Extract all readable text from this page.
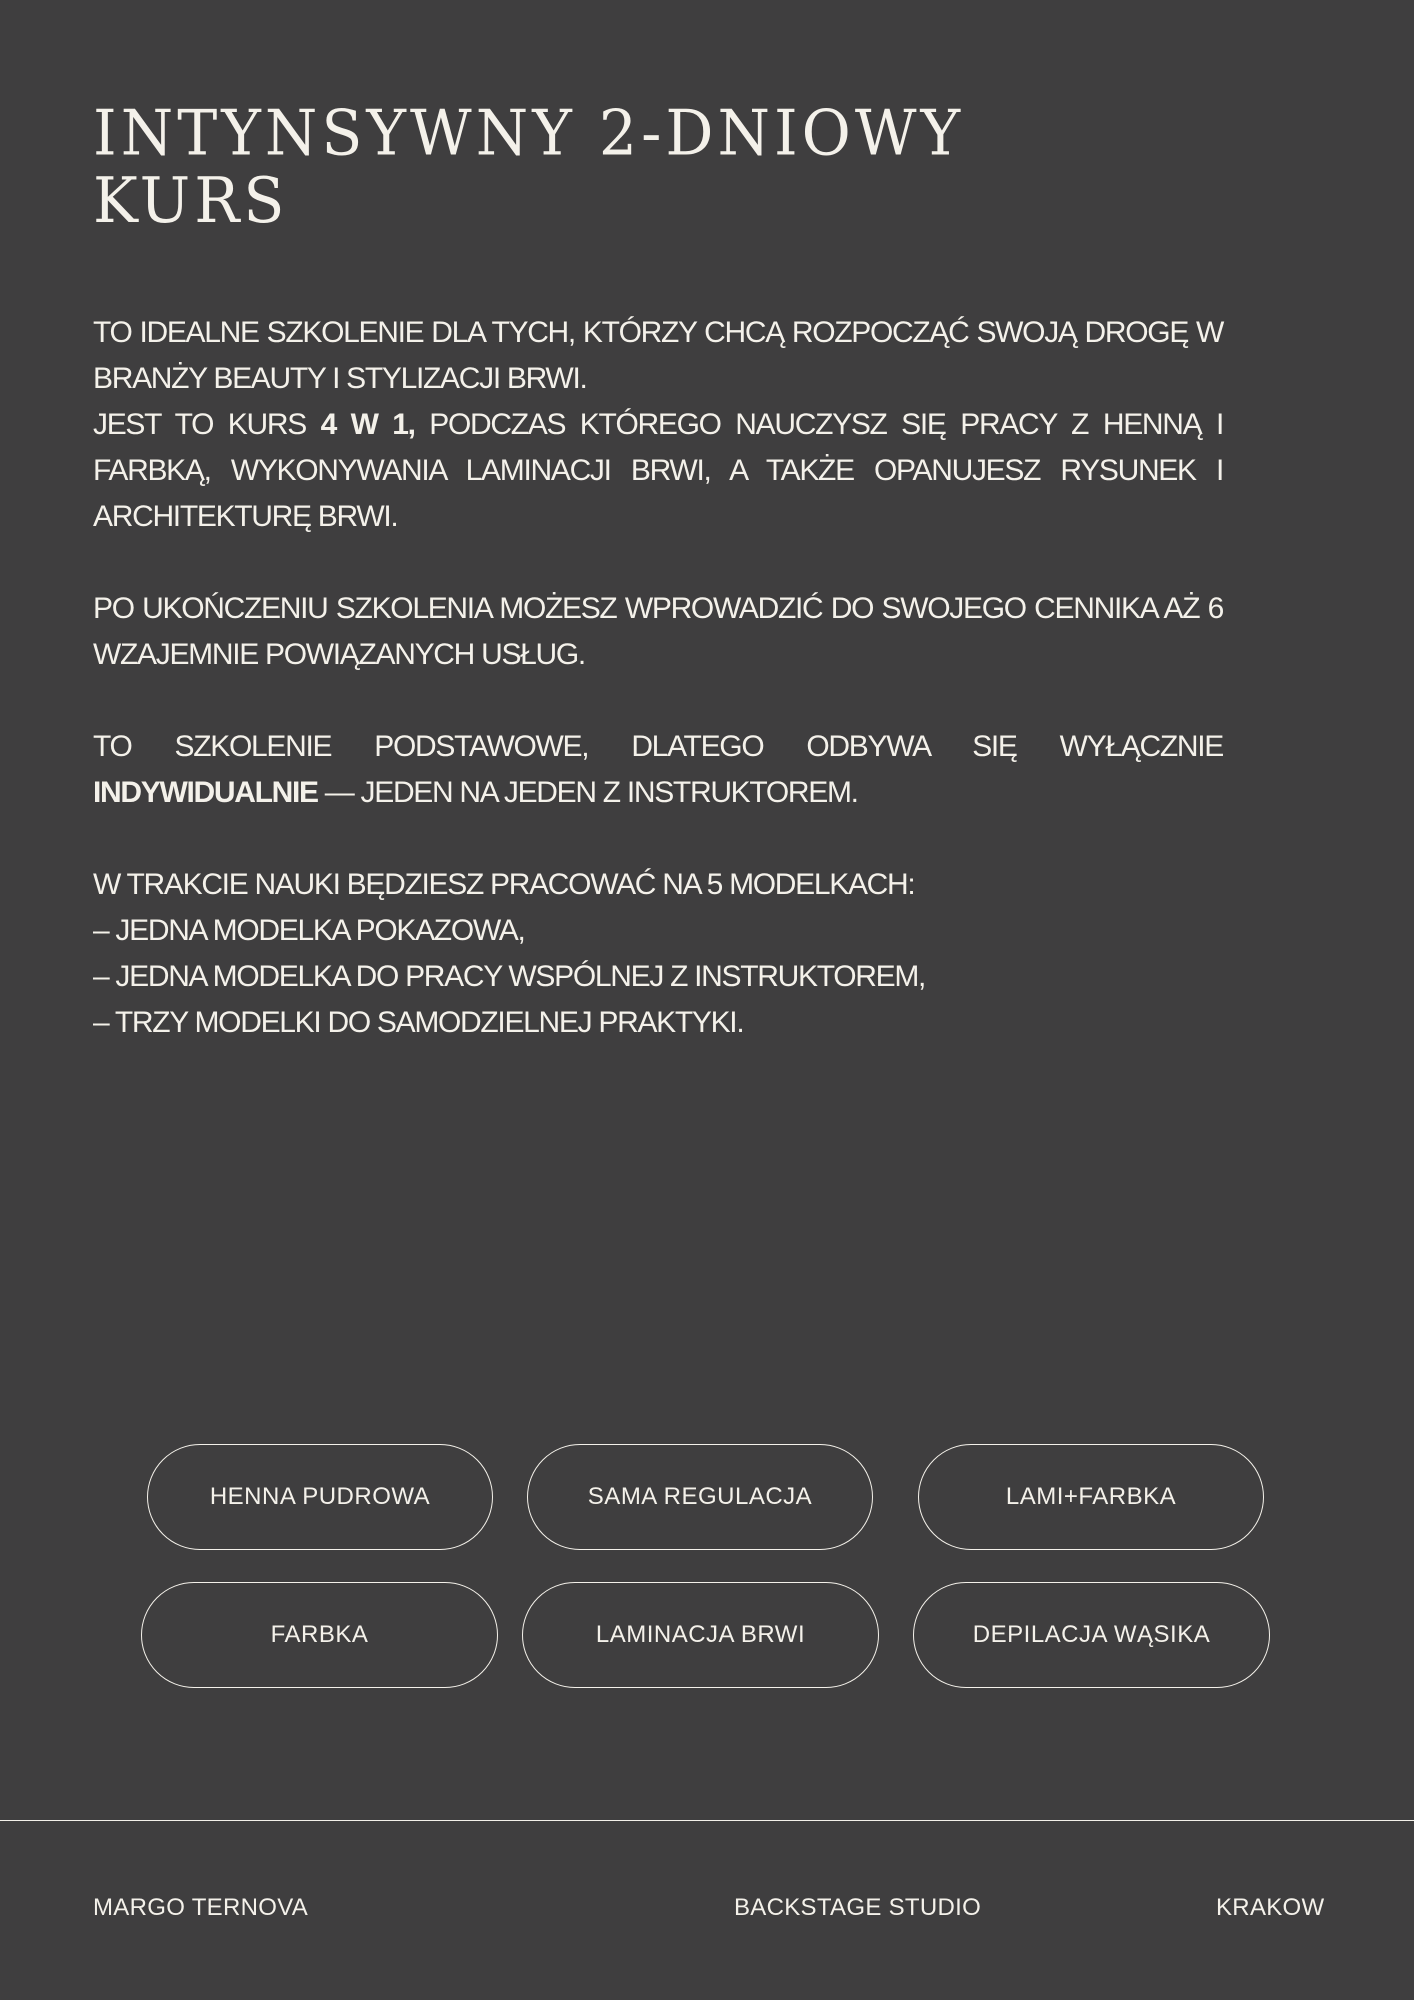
INTYNSYWNY 2-DNIOWY
KURS

TO IDEALNE SZKOLENIE DLA TYCH, KTÓRZY CHCĄ ROZPOCZĄĆ SWOJĄ DROGĘ W BRANŻY BEAUTY I STYLIZACJI BRWI.

JEST TO KURS 4 W 1, PODCZAS KTÓREGO NAUCZYSZ SIĘ PRACY Z HENNĄ I FARBKĄ, WYKONYWANIA LAMINACJI BRWI, A TAKŻE OPANUJESZ RYSUNEK I ARCHITEKTURĘ BRWI.

PO UKOŃCZENIU SZKOLENIA MOŻESZ WPROWADZIĆ DO SWOJEGO CENNIKA AŻ 6 WZAJEMNIE POWIĄZANYCH USŁUG.

TO SZKOLENIE PODSTAWOWE, DLATEGO ODBYWA SIĘ WYŁĄCZNIE INDYWIDUALNIE — JEDEN NA JEDEN Z INSTRUKTOREM.

W TRAKCIE NAUKI BĘDZIESZ PRACOWAĆ NA 5 MODELKACH:

– JEDNA MODELKA POKAZOWA,

– JEDNA MODELKA DO PRACY WSPÓLNEJ Z INSTRUKTOREM,

– TRZY MODELKI DO SAMODZIELNEJ PRAKTYKI.

HENNA PUDROWA	SAMA REGULACJA	LAMI+FARBKA
FARBKA	LAMINACJA BRWI	DEPILACJA WĄSIKA
MARGO TERNOVA	BACKSTAGE STUDIO	KRAKOW
